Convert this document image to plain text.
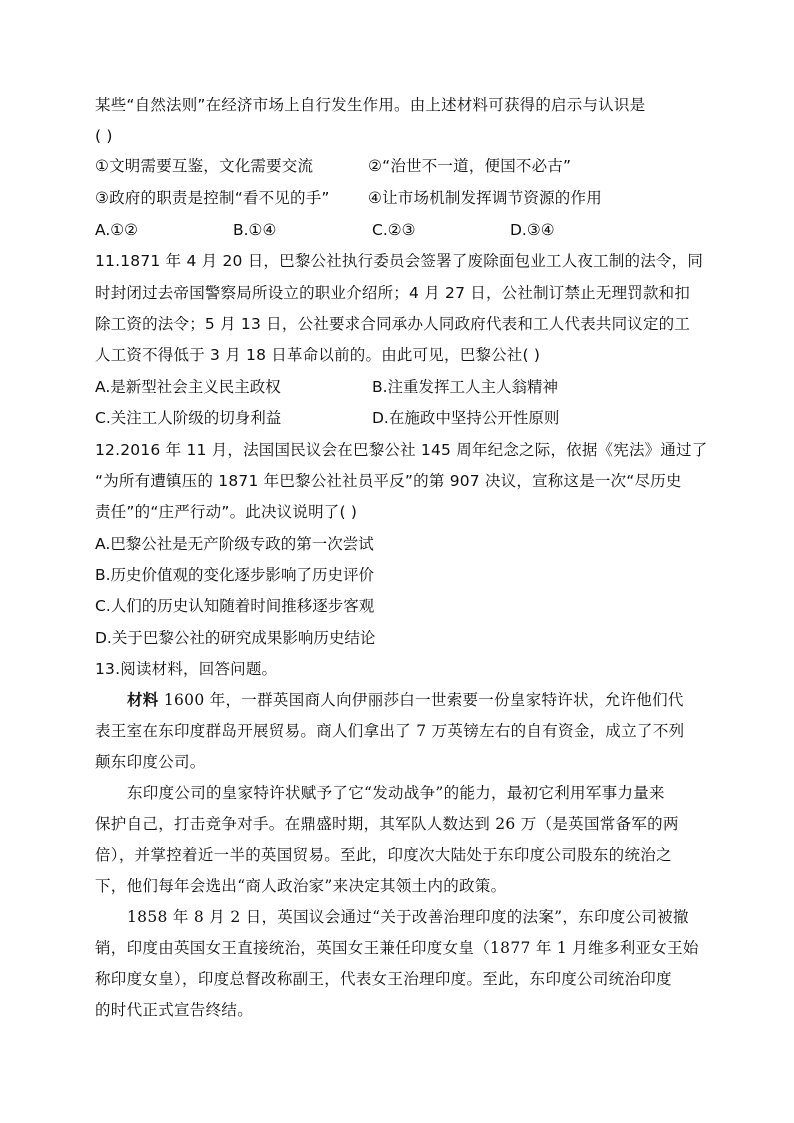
某些“自然法则”在经济市场上自行发生作用。由上述材料可获得的启示与认识是
( )
①文明需要互鉴，文化需要交流	②“治世不一道，便国不必古”
③政府的职责是控制“看不见的手” ④让市场机制发挥调节资源的作用
A.①②	B.①④	C.②③	D.③④
11.1871 年 4 月 20 日，巴黎公社执行委员会签署了废除面包业工人夜工制的法令，同
时封闭过去帝国警察局所设立的职业介绍所；4 月 27 日，公社制订禁止无理罚款和扣
除工资的法令；5 月 13 日，公社要求合同承办人同政府代表和工人代表共同议定的工
人工资不得低于 3 月 18 日革命以前的。由此可见，巴黎公社( )
A.是新型社会主义民主政权	B.注重发挥工人主人翁精神
C.关注工人阶级的切身利益	D.在施政中坚持公开性原则
12.2016 年 11 月，法国国民议会在巴黎公社 145 周年纪念之际，依据《宪法》通过了
“为所有遭镇压的 1871 年巴黎公社社员平反”的第 907 决议，宣称这是一次“尽历史
责任”的“庄严行动”。此决议说明了( )
A.巴黎公社是无产阶级专政的第一次尝试
B.历史价值观的变化逐步影响了历史评价
C.人们的历史认知随着时间推移逐步客观
D.关于巴黎公社的研究成果影响历史结论
13.阅读材料，回答问题。
材料 1600 年，一群英国商人向伊丽莎白一世索要一份皇家特许状，允许他们代
表王室在东印度群岛开展贸易。商人们拿出了 7 万英镑左右的自有资金，成立了不列
颠东印度公司。
东印度公司的皇家特许状赋予了它“发动战争”的能力，最初它利用军事力量来
保护自己，打击竞争对手。在鼎盛时期，其军队人数达到 26 万（是英国常备军的两
倍），并掌控着近一半的英国贸易。至此，印度次大陆处于东印度公司股东的统治之
下，他们每年会选出“商人政治家”来决定其领土内的政策。
1858 年 8 月 2 日，英国议会通过“关于改善治理印度的法案”，东印度公司被撤
销，印度由英国女王直接统治，英国女王兼任印度女皇（1877 年 1 月维多利亚女王始
称印度女皇），印度总督改称副王，代表女王治理印度。至此，东印度公司统治印度
的时代正式宣告终结。
